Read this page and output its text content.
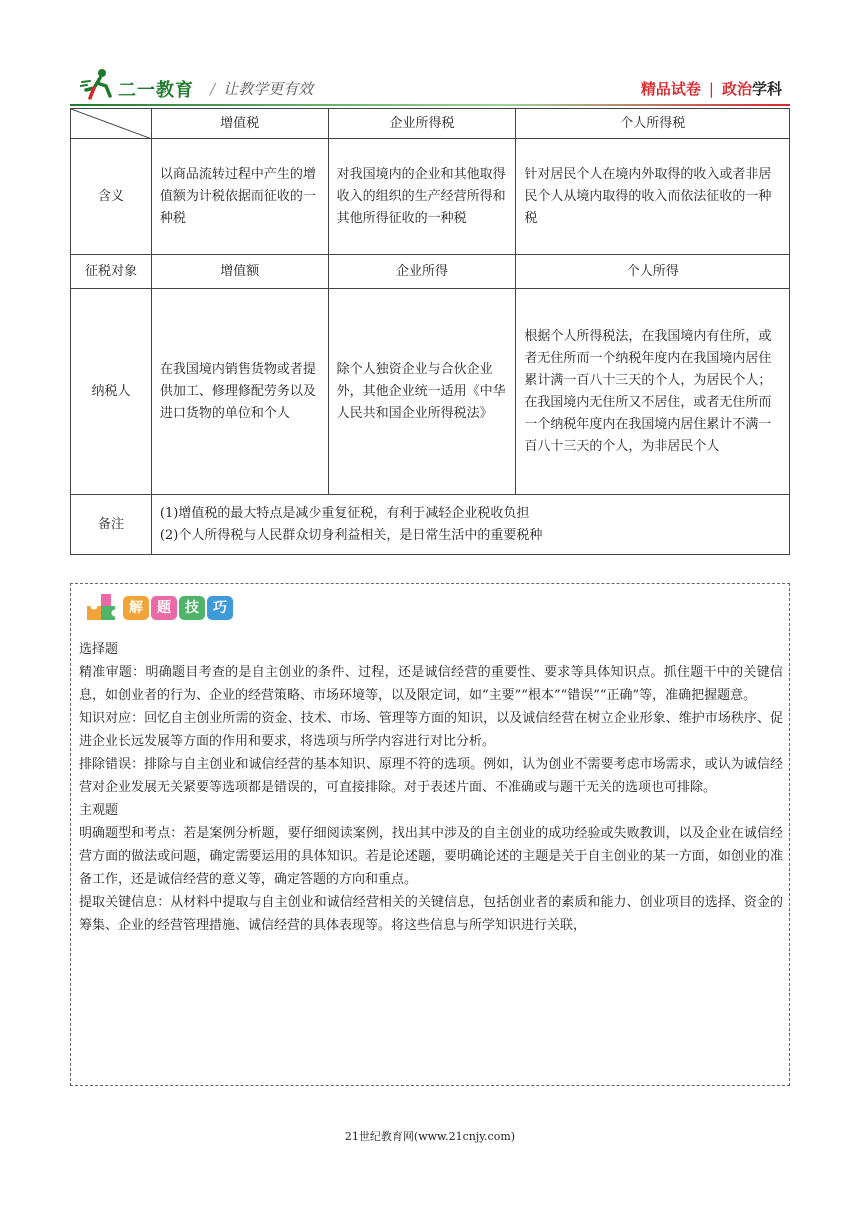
二一教育 / 让教学更有效	精品试卷 | 政治学科
	增值税	企业所得税	个人所得税
含义	以商品流转过程中产生的增值额为计税依据而征收的一种税	对我国境内的企业和其他取得收入的组织的生产经营所得和其他所得征收的一种税	针对居民个人在境内外取得的收入或者非居民个人从境内取得的收入而依法征收的一种税
征税对象	增值额	企业所得	个人所得
纳税人	在我国境内销售货物或者提供加工、修理修配劳务以及进口货物的单位和个人	除个人独资企业与合伙企业外，其他企业统一适用《中华人民共和国企业所得税法》	根据个人所得税法，在我国境内有住所，或者无住所而一个纳税年度内在我国境内居住累计满一百八十三天的个人，为居民个人；在我国境内无住所又不居住，或者无住所而一个纳税年度内在我国境内居住累计不满一百八十三天的个人，为非居民个人
备注	(1)增值税的最大特点是减少重复征税，有利于减轻企业税收负担
(2)个人所得税与人民群众切身利益相关，是日常生活中的重要税种		
解	题	技	巧

选择题

精准审题：明确题目考查的是自主创业的条件、过程，还是诚信经营的重要性、要求等具体知识点。抓住题干中的关键信息，如创业者的行为、企业的经营策略、市场环境等，以及限定词，如“主要”“根本”“错误”“正确”等，准确把握题意。

知识对应：回忆自主创业所需的资金、技术、市场、管理等方面的知识，以及诚信经营在树立企业形象、维护市场秩序、促进企业长远发展等方面的作用和要求，将选项与所学内容进行对比分析。

排除错误：排除与自主创业和诚信经营的基本知识、原理不符的选项。例如，认为创业不需要考虑市场需求，或认为诚信经营对企业发展无关紧要等选项都是错误的，可直接排除。对于表述片面、不准确或与题干无关的选项也可排除。

主观题

明确题型和考点：若是案例分析题，要仔细阅读案例，找出其中涉及的自主创业的成功经验或失败教训，以及企业在诚信经营方面的做法或问题，确定需要运用的具体知识。若是论述题，要明确论述的主题是关于自主创业的某一方面，如创业的准备工作，还是诚信经营的意义等，确定答题的方向和重点。

提取关键信息：从材料中提取与自主创业和诚信经营相关的关键信息，包括创业者的素质和能力、创业项目的选择、资金的筹集、企业的经营管理措施、诚信经营的具体表现等。将这些信息与所学知识进行关联，

21世纪教育网(www.21cnjy.com)
